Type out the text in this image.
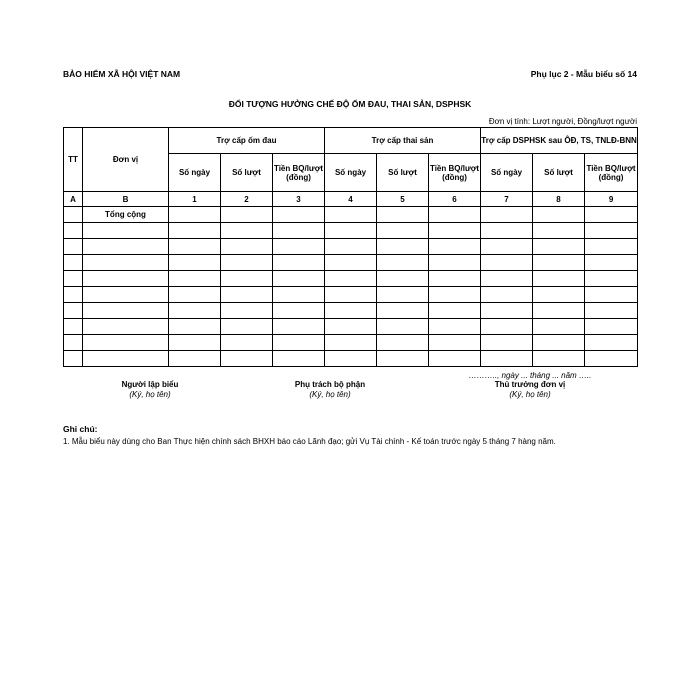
BẢO HIỂM XÃ HỘI VIỆT NAM	Phụ lục 2 - Mẫu biểu số 14
ĐỐI TƯỢNG HƯỞNG CHẾ ĐỘ ỐM ĐAU, THAI SẢN, DSPHSK
Đơn vị tính: Lượt người, Đồng/lượt người
TT	Đơn vị	Trợ cấp ốm đau			Trợ cấp thai sản			Trợ cấp DSPHSK sau ÔĐ, TS, TNLĐ-BNN		
		Số ngày	Số lượt	Tiền BQ/lượt (đồng)	Số ngày	Số lượt	Tiền BQ/lượt (đồng)	Số ngày	Số lượt	Tiền BQ/lượt (đồng)
A	B	1	2	3	4	5	6	7	8	9
	Tổng cộng									

……….., ngày ... tháng ... năm …..
Người lập biểu
(Ký, họ tên)
Phụ trách bộ phận
(Ký, họ tên)
Thủ trưởng đơn vị
(Ký, họ tên)
Ghi chú:
1. Mẫu biểu này dùng cho Ban Thực hiện chính sách BHXH báo cáo Lãnh đạo; gửi Vụ Tài chính - Kế toán trước ngày 5 tháng 7 hàng năm.
